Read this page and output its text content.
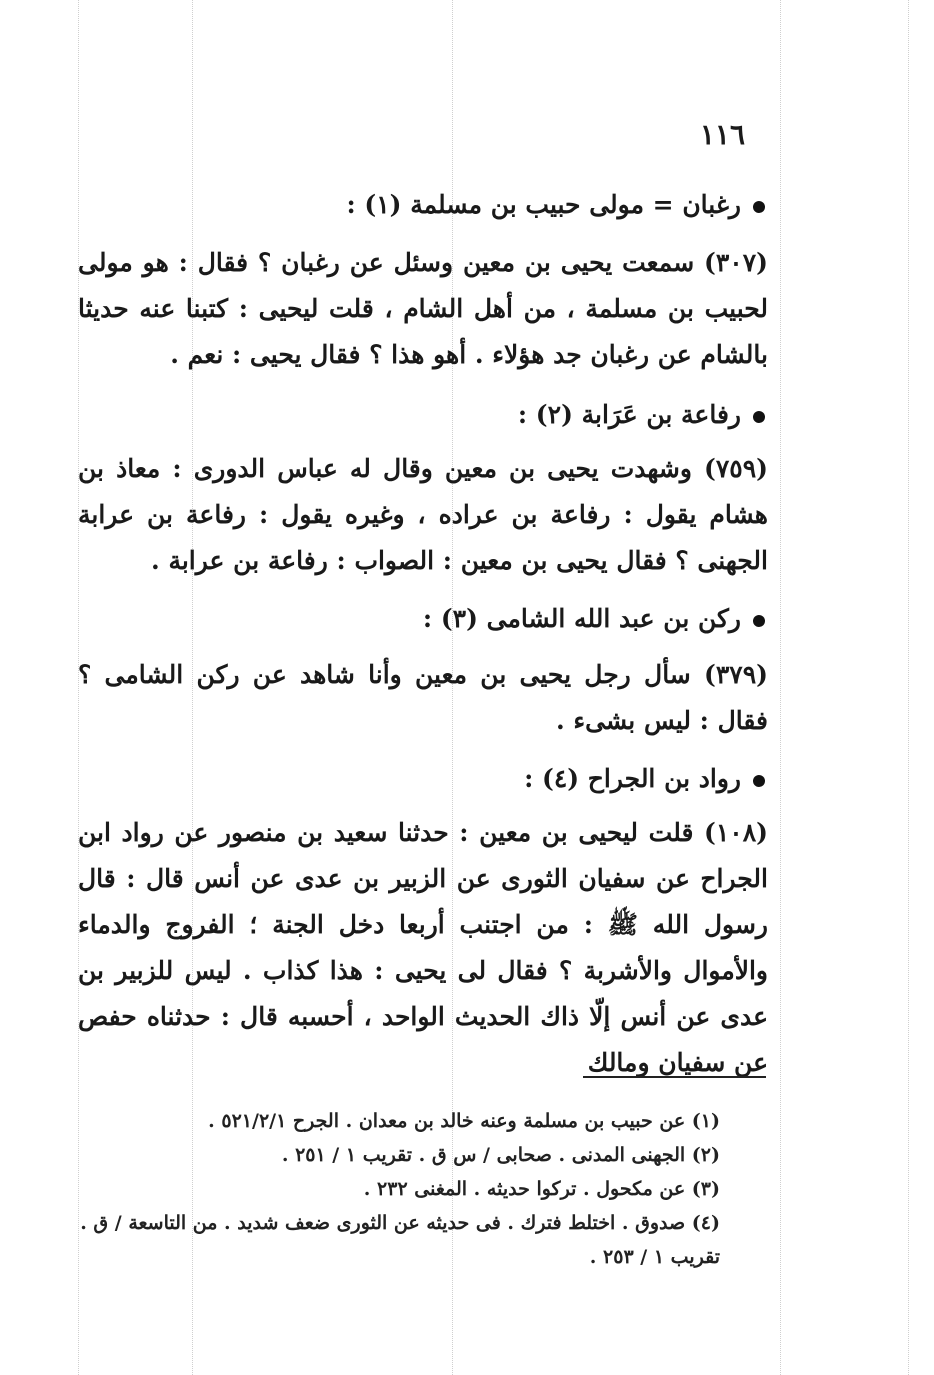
١١٦
رغبان = مولى حبيب بن مسلمة (١) :
(٣٠٧) سمعت يحيى بن معين وسئل عن رغبان ؟ فقال : هو مولى لحبيب بن مسلمة ، من أهل الشام ، قلت ليحيى : كتبنا عنه حديثا بالشام عن رغبان جد هؤلاء . أهو هذا ؟ فقال يحيى : نعم .
رفاعة بن عَرَابة (٢) :
(٧٥٩) وشهدت يحيى بن معين وقال له عباس الدورى : معاذ بن هشام يقول : رفاعة بن عراده ، وغيره يقول : رفاعة بن عرابة الجهنى ؟ فقال يحيى بن معين : الصواب : رفاعة بن عرابة .
ركن بن عبد الله الشامى (٣) :
(٣٧٩) سأل رجل يحيى بن معين وأنا شاهد عن ركن الشامى ؟ فقال : ليس بشىء .
رواد بن الجراح (٤) :
(١٠٨) قلت ليحيى بن معين : حدثنا سعيد بن منصور عن رواد ابن الجراح عن سفيان الثورى عن الزبير بن عدى عن أنس قال : قال رسول الله ﷺ : من اجتنب أربعا دخل الجنة ؛ الفروج والدماء والأموال والأشربة ؟ فقال لى يحيى : هذا كذاب . ليس للزبير بن عدى عن أنس إلّا ذاك الحديث الواحد ، أحسبه قال : حدثناه حفص عن سفيان ومالك

(١) عن حبيب بن مسلمة وعنه خالد بن معدان . الجرح ٥٢١/٢/١ .

(٢) الجهنى المدنى . صحابى / س ق . تقريب ١ / ٢٥١ .

(٣) عن مكحول . تركوا حديثه . المغنى ٢٣٢ .

(٤) صدوق . اختلط فترك . فى حديثه عن الثورى ضعف شديد . من التاسعة / ق . تقريب ١ / ٢٥٣ .
